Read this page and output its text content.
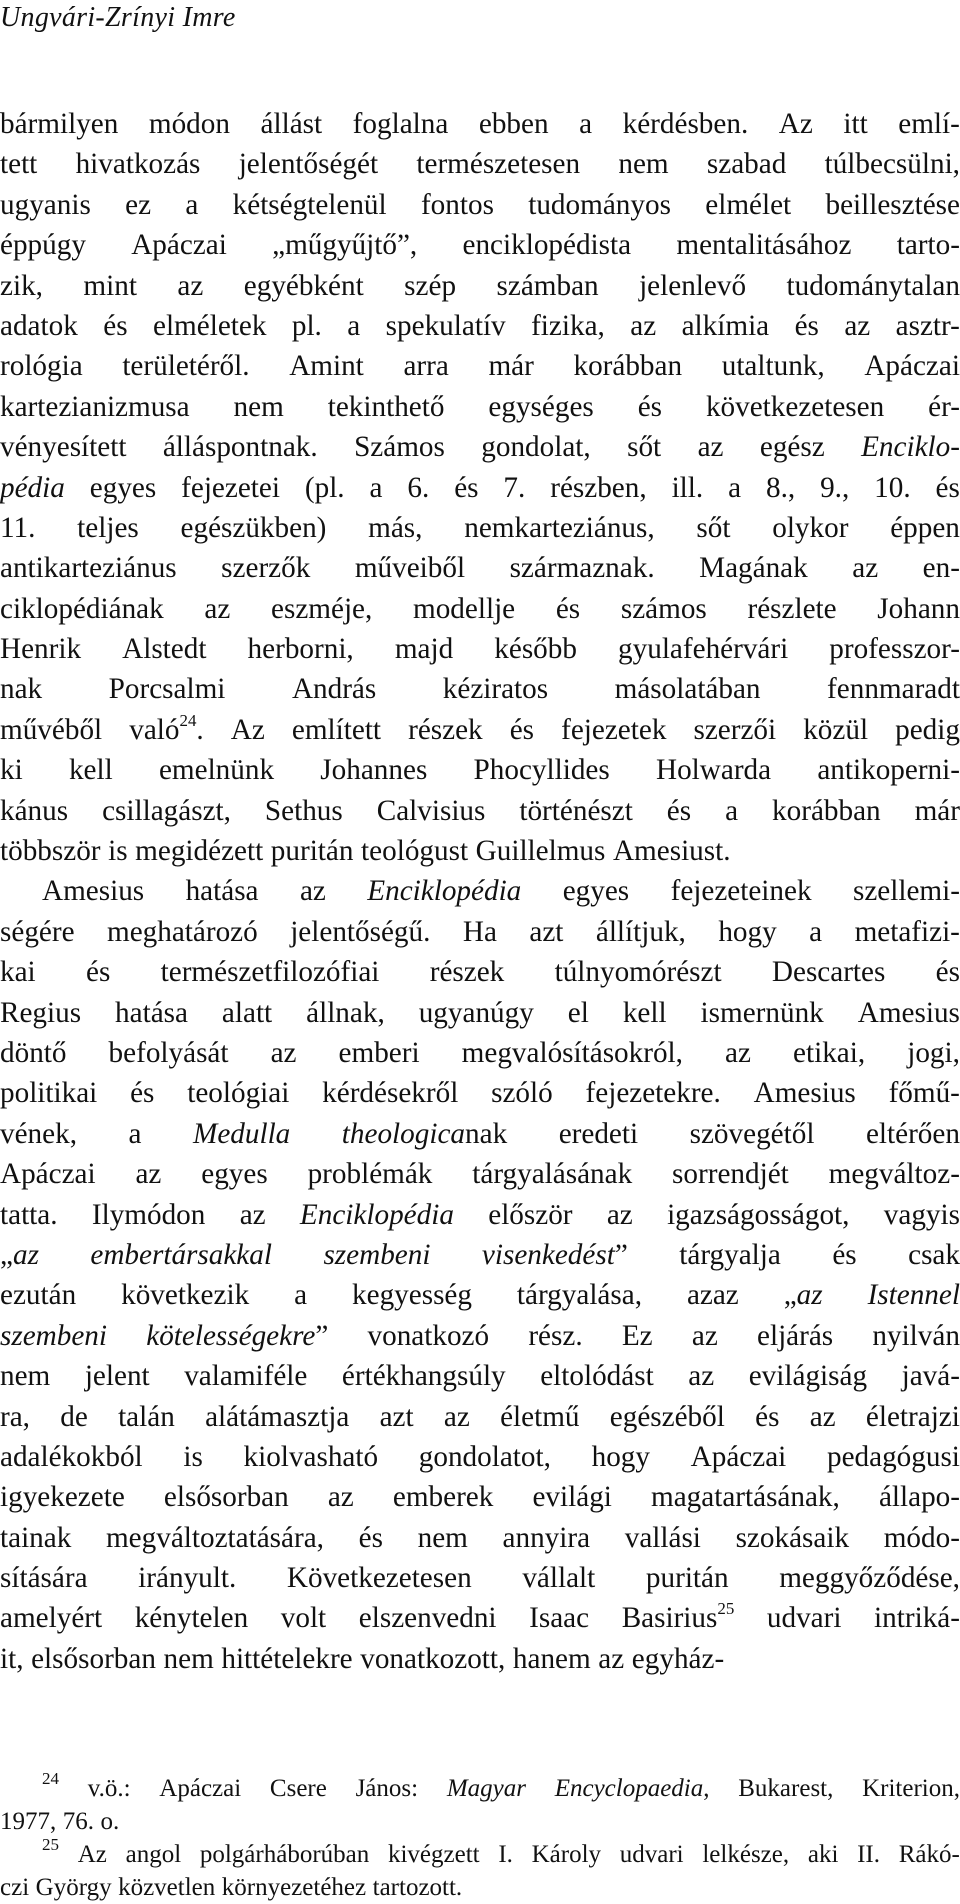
Ungvári-Zrínyi Imre
bármilyen módon állást foglalna ebben a kérdésben. Az itt emlí-
tett hivatkozás jelentőségét természetesen nem szabad túlbecsülni,
ugyanis ez a kétségtelenül fontos tudományos elmélet beillesztése
éppúgy Apáczai „műgyűjtő”, enciklopédista mentalitásához tarto-
zik, mint az egyébként szép számban jelenlevő tudománytalan
adatok és elméletek pl. a spekulatív fizika, az alkímia és az asztr-
rológia területéről. Amint arra már korábban utaltunk, Apáczai
kartezianizmusa nem tekinthető egységes és következetesen ér-
vényesített álláspontnak. Számos gondolat, sőt az egész Enciklo-
pédia egyes fejezetei (pl. a 6. és 7. részben, ill. a 8., 9., 10. és
11. teljes egészükben) más, nemkarteziánus, sőt olykor éppen
antikarteziánus szerzők műveiből származnak. Magának az en-
ciklopédiának az eszméje, modellje és számos részlete Johann
Henrik Alstedt herborni, majd később gyulafehérvári professzor-
nak Porcsalmi András kéziratos másolatában fennmaradt
művéből való$^{24}$. Az említett részek és fejezetek szerzői közül pedig
ki kell emelnünk Johannes Phocyllides Holwarda antikoperni-
kánus csillagászt, Sethus Calvisius történészt és a korábban már
többször is megidézett puritán teológust Guillelmus Amesiust.
Amesius hatása az Enciklopédia egyes fejezeteinek szellemi-
ségére meghatározó jelentőségű. Ha azt állítjuk, hogy a metafizi-
kai és természetfilozófiai részek túlnyomórészt Descartes és
Regius hatása alatt állnak, ugyanúgy el kell ismernünk Amesius
döntő befolyását az emberi megvalósításokról, az etikai, jogi,
politikai és teológiai kérdésekről szóló fejezetekre. Amesius főmű-
vének, a Medulla theologicanak eredeti szövegétől eltérően
Apáczai az egyes problémák tárgyalásának sorrendjét megváltoz-
tatta. Ilymódon az Enciklopédia először az igazságosságot, vagyis
„az embertársakkal szembeni visenkedést” tárgyalja és csak
ezután következik a kegyesség tárgyalása, azaz „az Istennel
szembeni kötelességekre” vonatkozó rész. Ez az eljárás nyilván
nem jelent valamiféle értékhangsúly eltolódást az evilágiság javá-
ra, de talán alátámasztja azt az életmű egészéből és az életrajzi
adalékokból is kiolvasható gondolatot, hogy Apáczai pedagógusi
igyekezete elsősorban az emberek evilági magatartásának, állapo-
tainak megváltoztatására, és nem annyira vallási szokásaik módo-
sítására irányult. Következetesen vállalt puritán meggyőződése,
amelyért kénytelen volt elszenvedni Isaac Basirius$^{25}$ udvari intriká-
it, elsősorban nem hittételekre vonatkozott, hanem az egyház-
$^{24}$ v.ö.: Apáczai Csere János: Magyar Encyclopaedia, Bukarest, Kriterion,
1977, 76. o.
$^{25}$ Az angol polgárháborúban kivégzett I. Károly udvari lelkésze, aki II. Rákó-
czi György közvetlen környezetéhez tartozott.
